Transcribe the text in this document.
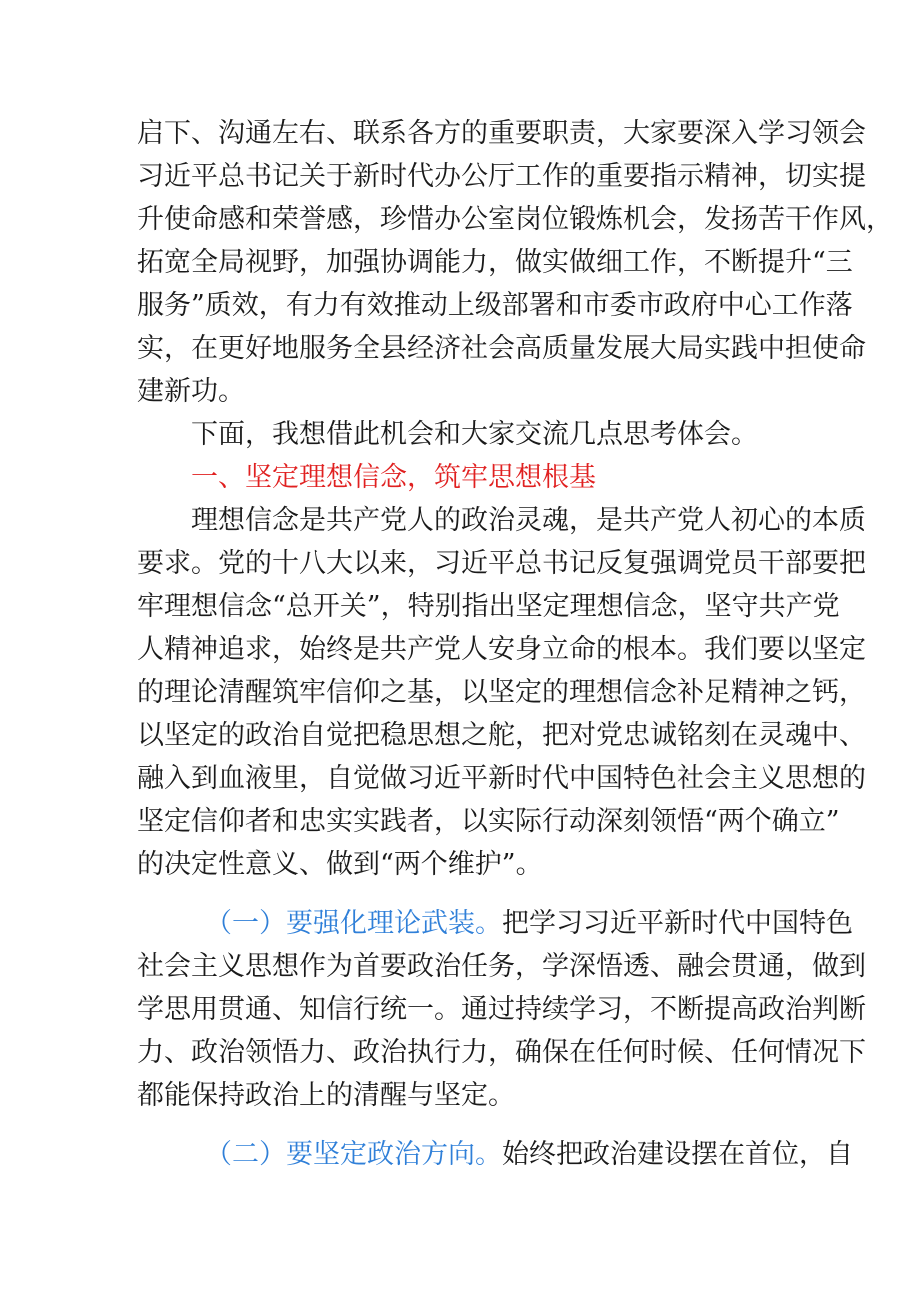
启下、沟通左右、联系各方的重要职责，大家要深入学习领会
习近平总书记关于新时代办公厅工作的重要指示精神，切实提
升使命感和荣誉感，珍惜办公室岗位锻炼机会，发扬苦干作风，
拓宽全局视野，加强协调能力，做实做细工作，不断提升“三
服务”质效，有力有效推动上级部署和市委市政府中心工作落
实，在更好地服务全县经济社会高质量发展大局实践中担使命
建新功。
下面，我想借此机会和大家交流几点思考体会。
一、坚定理想信念，筑牢思想根基
理想信念是共产党人的政治灵魂，是共产党人初心的本质
要求。党的十八大以来，习近平总书记反复强调党员干部要把
牢理想信念“总开关”，特别指出坚定理想信念，坚守共产党
人精神追求，始终是共产党人安身立命的根本。我们要以坚定
的理论清醒筑牢信仰之基，以坚定的理想信念补足精神之钙，
以坚定的政治自觉把稳思想之舵，把对党忠诚铭刻在灵魂中、
融入到血液里，自觉做习近平新时代中国特色社会主义思想的
坚定信仰者和忠实实践者，以实际行动深刻领悟“两个确立”
的决定性意义、做到“两个维护”。
（一）要强化理论武装。把学习习近平新时代中国特色
社会主义思想作为首要政治任务，学深悟透、融会贯通，做到
学思用贯通、知信行统一。通过持续学习，不断提高政治判断
力、政治领悟力、政治执行力，确保在任何时候、任何情况下
都能保持政治上的清醒与坚定。
（二）要坚定政治方向。始终把政治建设摆在首位，自
